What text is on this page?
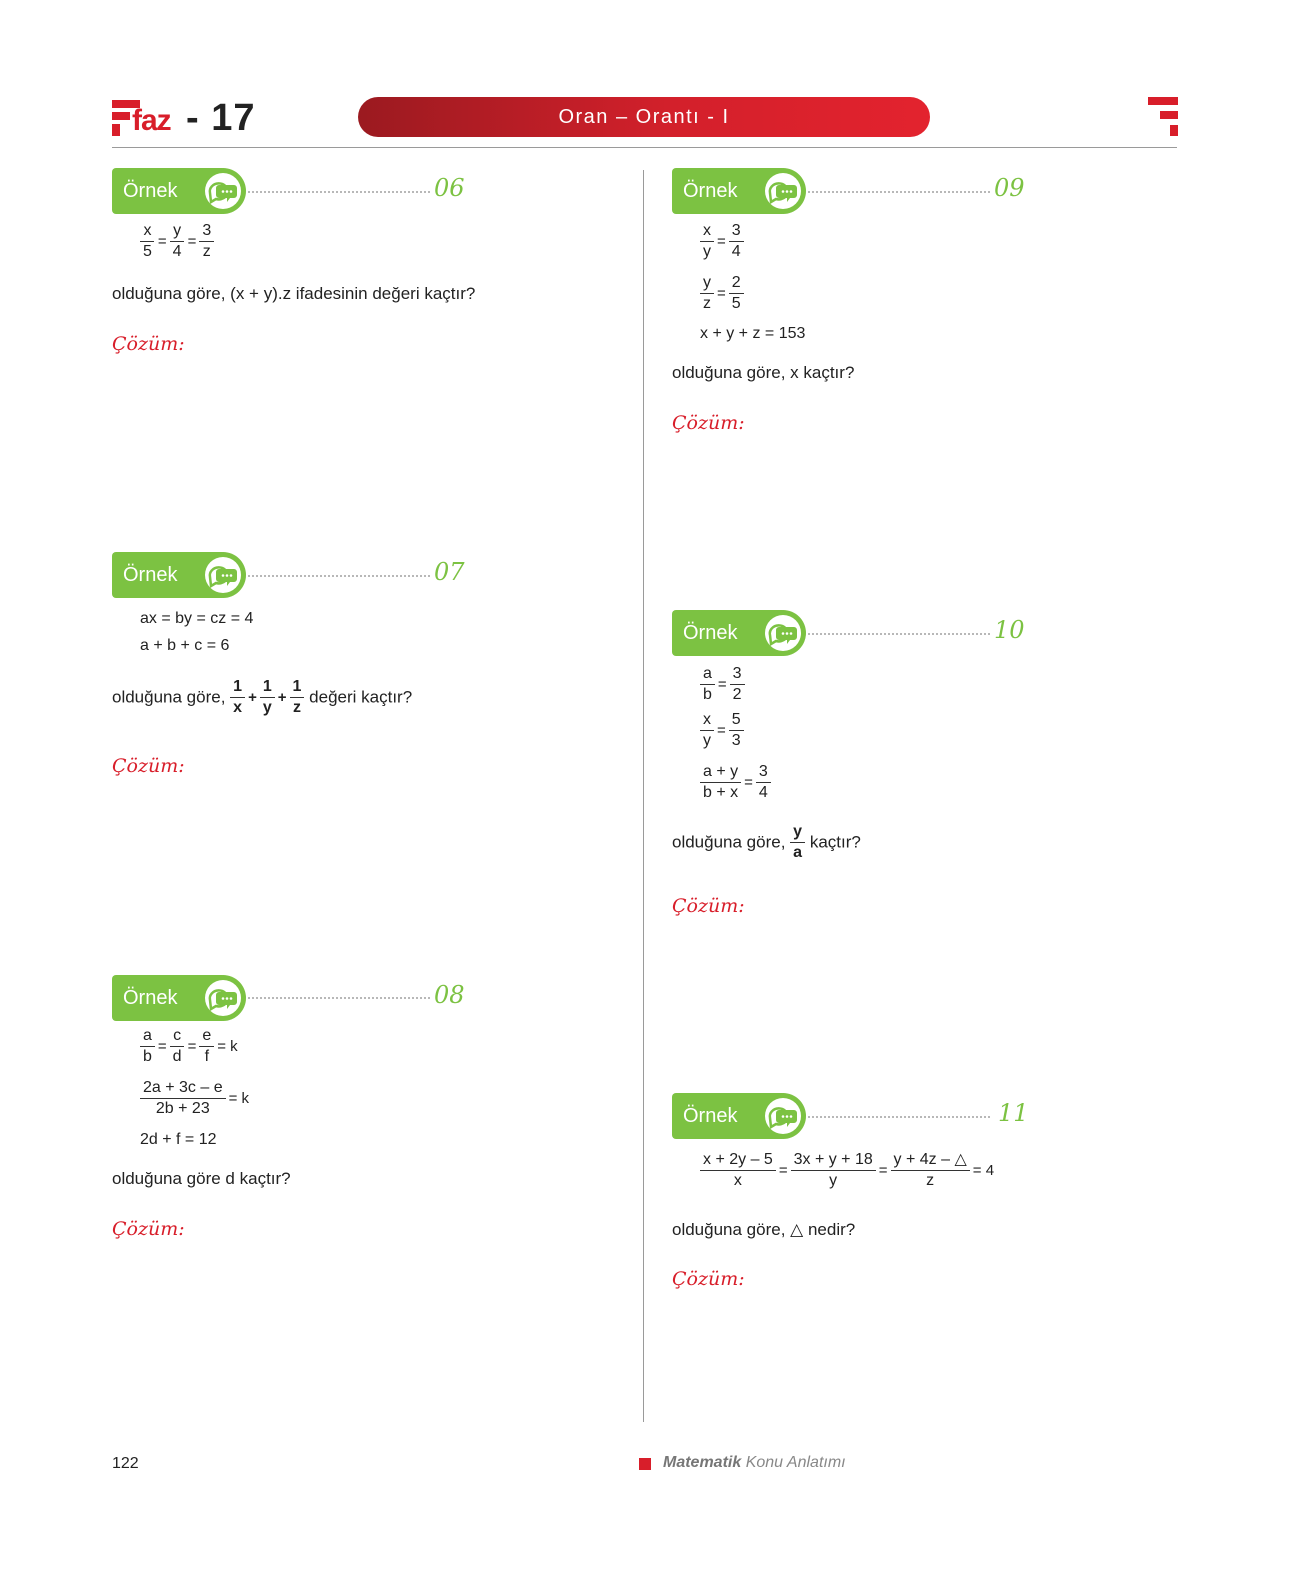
faz - 17	Oran – Orantı - I
Örnek	06
$\frac{x}{5} = \frac{y}{4} = \frac{3}{z}$
olduğuna göre, (x + y).z ifadesinin değeri kaçtır?
Çözüm:
Örnek	07
ax = by = cz = 4
a + b + c = 6
olduğuna göre, $\frac{1}{x} + \frac{1}{y} + \frac{1}{z}$ değeri kaçtır?
Çözüm:
Örnek	08
$\frac{a}{b} = \frac{c}{d} = \frac{e}{f} = k$
$\frac{2a + 3c - e}{2b + 23} = k$
2d + f = 12
olduğuna göre d kaçtır?
Çözüm:
Örnek	09
$\frac{x}{y} = \frac{3}{4}$
$\frac{y}{z} = \frac{2}{5}$
x + y + z = 153
olduğuna göre, x kaçtır?
Çözüm:
Örnek	10
$\frac{a}{b} = \frac{3}{2}$
$\frac{x}{y} = \frac{5}{3}$
$\frac{a + y}{b + x} = \frac{3}{4}$
olduğuna göre, $\frac{y}{a}$ kaçtır?
Çözüm:
Örnek	11
$\frac{x + 2y - 5}{x} = \frac{3x + y + 18}{y} = \frac{y + 4z - \triangle}{z} = 4$
olduğuna göre, △ nedir?
Çözüm:
122	Matematik Konu Anlatımı
